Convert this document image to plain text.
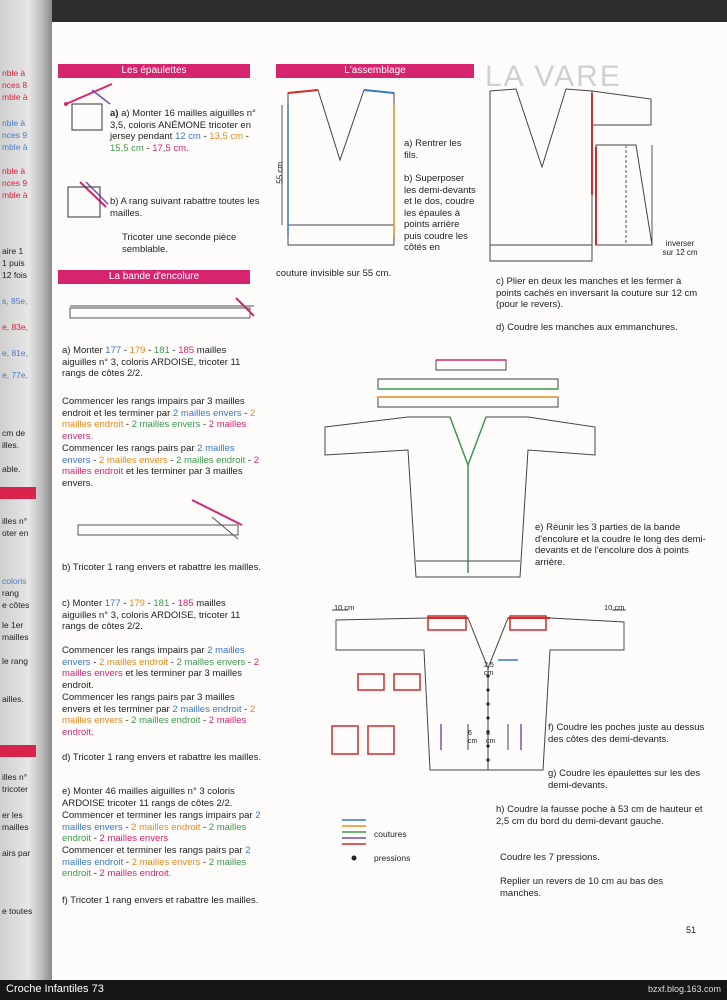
LA VARE
nble à
nces 8
mble à
nble à
nces 9
mble à
nble à
nces 9
mble à
aire 1
1 puis
12 fois
s, 85e,
e, 83e,
e, 81e,
e, 77e,
cm de
illes.
able.
illes n°
oter en
coloris
rang
e côtes
le 1er
mailles
le rang
ailles.
illes n°
tricoter
er les
mailles
airs par
e toutes
Les épaulettes
a) a) Monter 16 mailles aiguilles n° 3,5, coloris ANÉMONE tricoter en jersey pendant 12 cm - 13,5 cm - 15,5 cm - 17,5 cm.
b) A rang suivant rabattre toutes les mailles.
Tricoter une seconde pièce semblable.
La bande d'encolure
a) Monter 177 - 179 - 181 - 185 mailles aiguilles n° 3, coloris ARDOISE, tricoter 11 rangs de côtes 2/2.
Commencer les rangs impairs par 3 mailles endroit et les terminer par 2 mailles envers - 2 mailles endroit - 2 mailles envers - 2 mailles envers.
Commencer les rangs pairs par 2 mailles envers - 2 mailles envers - 2 mailles endroit - 2 mailles endroit et les terminer par 3 mailles envers.
b) Tricoter 1 rang envers et rabattre les mailles.
c) Monter 177 - 179 - 181 - 185 mailles aiguilles n° 3, coloris ARDOISE, tricoter 11 rangs de côtes 2/2.
Commencer les rangs impairs par 2 mailles envers - 2 mailles endroit - 2 mailles envers - 2 mailles envers et les terminer par 3 mailles endroit.
Commencer les rangs pairs par 3 mailles envers et les terminer par 2 mailles endroit - 2 mailles envers - 2 mailles endroit - 2 mailles endroit.
d) Tricoter 1 rang envers et rabattre les mailles.
e) Monter 46 mailles aiguilles n° 3 coloris ARDOISE tricoter 11 rangs de côtes 2/2.
Commencer et terminer les rangs impairs par 2 mailles envers - 2 mailles endroit - 2 mailles endroit - 2 mailles envers
Commencer et terminer les rangs pairs par 2 mailles endroit - 2 mailles envers - 2 mailles endroit - 2 mailles endroit.
f) Tricoter 1 rang envers et rabattre les mailles.
L'assemblage
55 cm
a) Rentrer les fils.
b) Superposer les demi-devants et le dos, coudre les épaules à points arrière puis coudre les côtés en
couture invisible sur 55 cm.
inverser
sur 12 cm
c) Plier en deux les manches et les fermer à points cachés en inversant la couture sur 12 cm (pour le revers).
d) Coudre les manches aux emmanchures.
e) Réunir les 3 parties de la bande d'encolure et la coudre le long des demi-devants et de l'encolure dos à points arrière.
10 cm	10 cm
2,5 cm
6 cm
6 cm
f) Coudre les poches juste au dessus des côtes des demi-devants.
g) Coudre les épaulettes sur les des demi-devants.
h) Coudre la fausse poche à 53 cm de hauteur et 2,5 cm du bord du demi-devant gauche.
Coudre les 7 pressions.
Replier un revers de 10 cm au bas des manches.
coutures
pressions
51
Croche Infantiles 73	bzxf.blog.163.com
